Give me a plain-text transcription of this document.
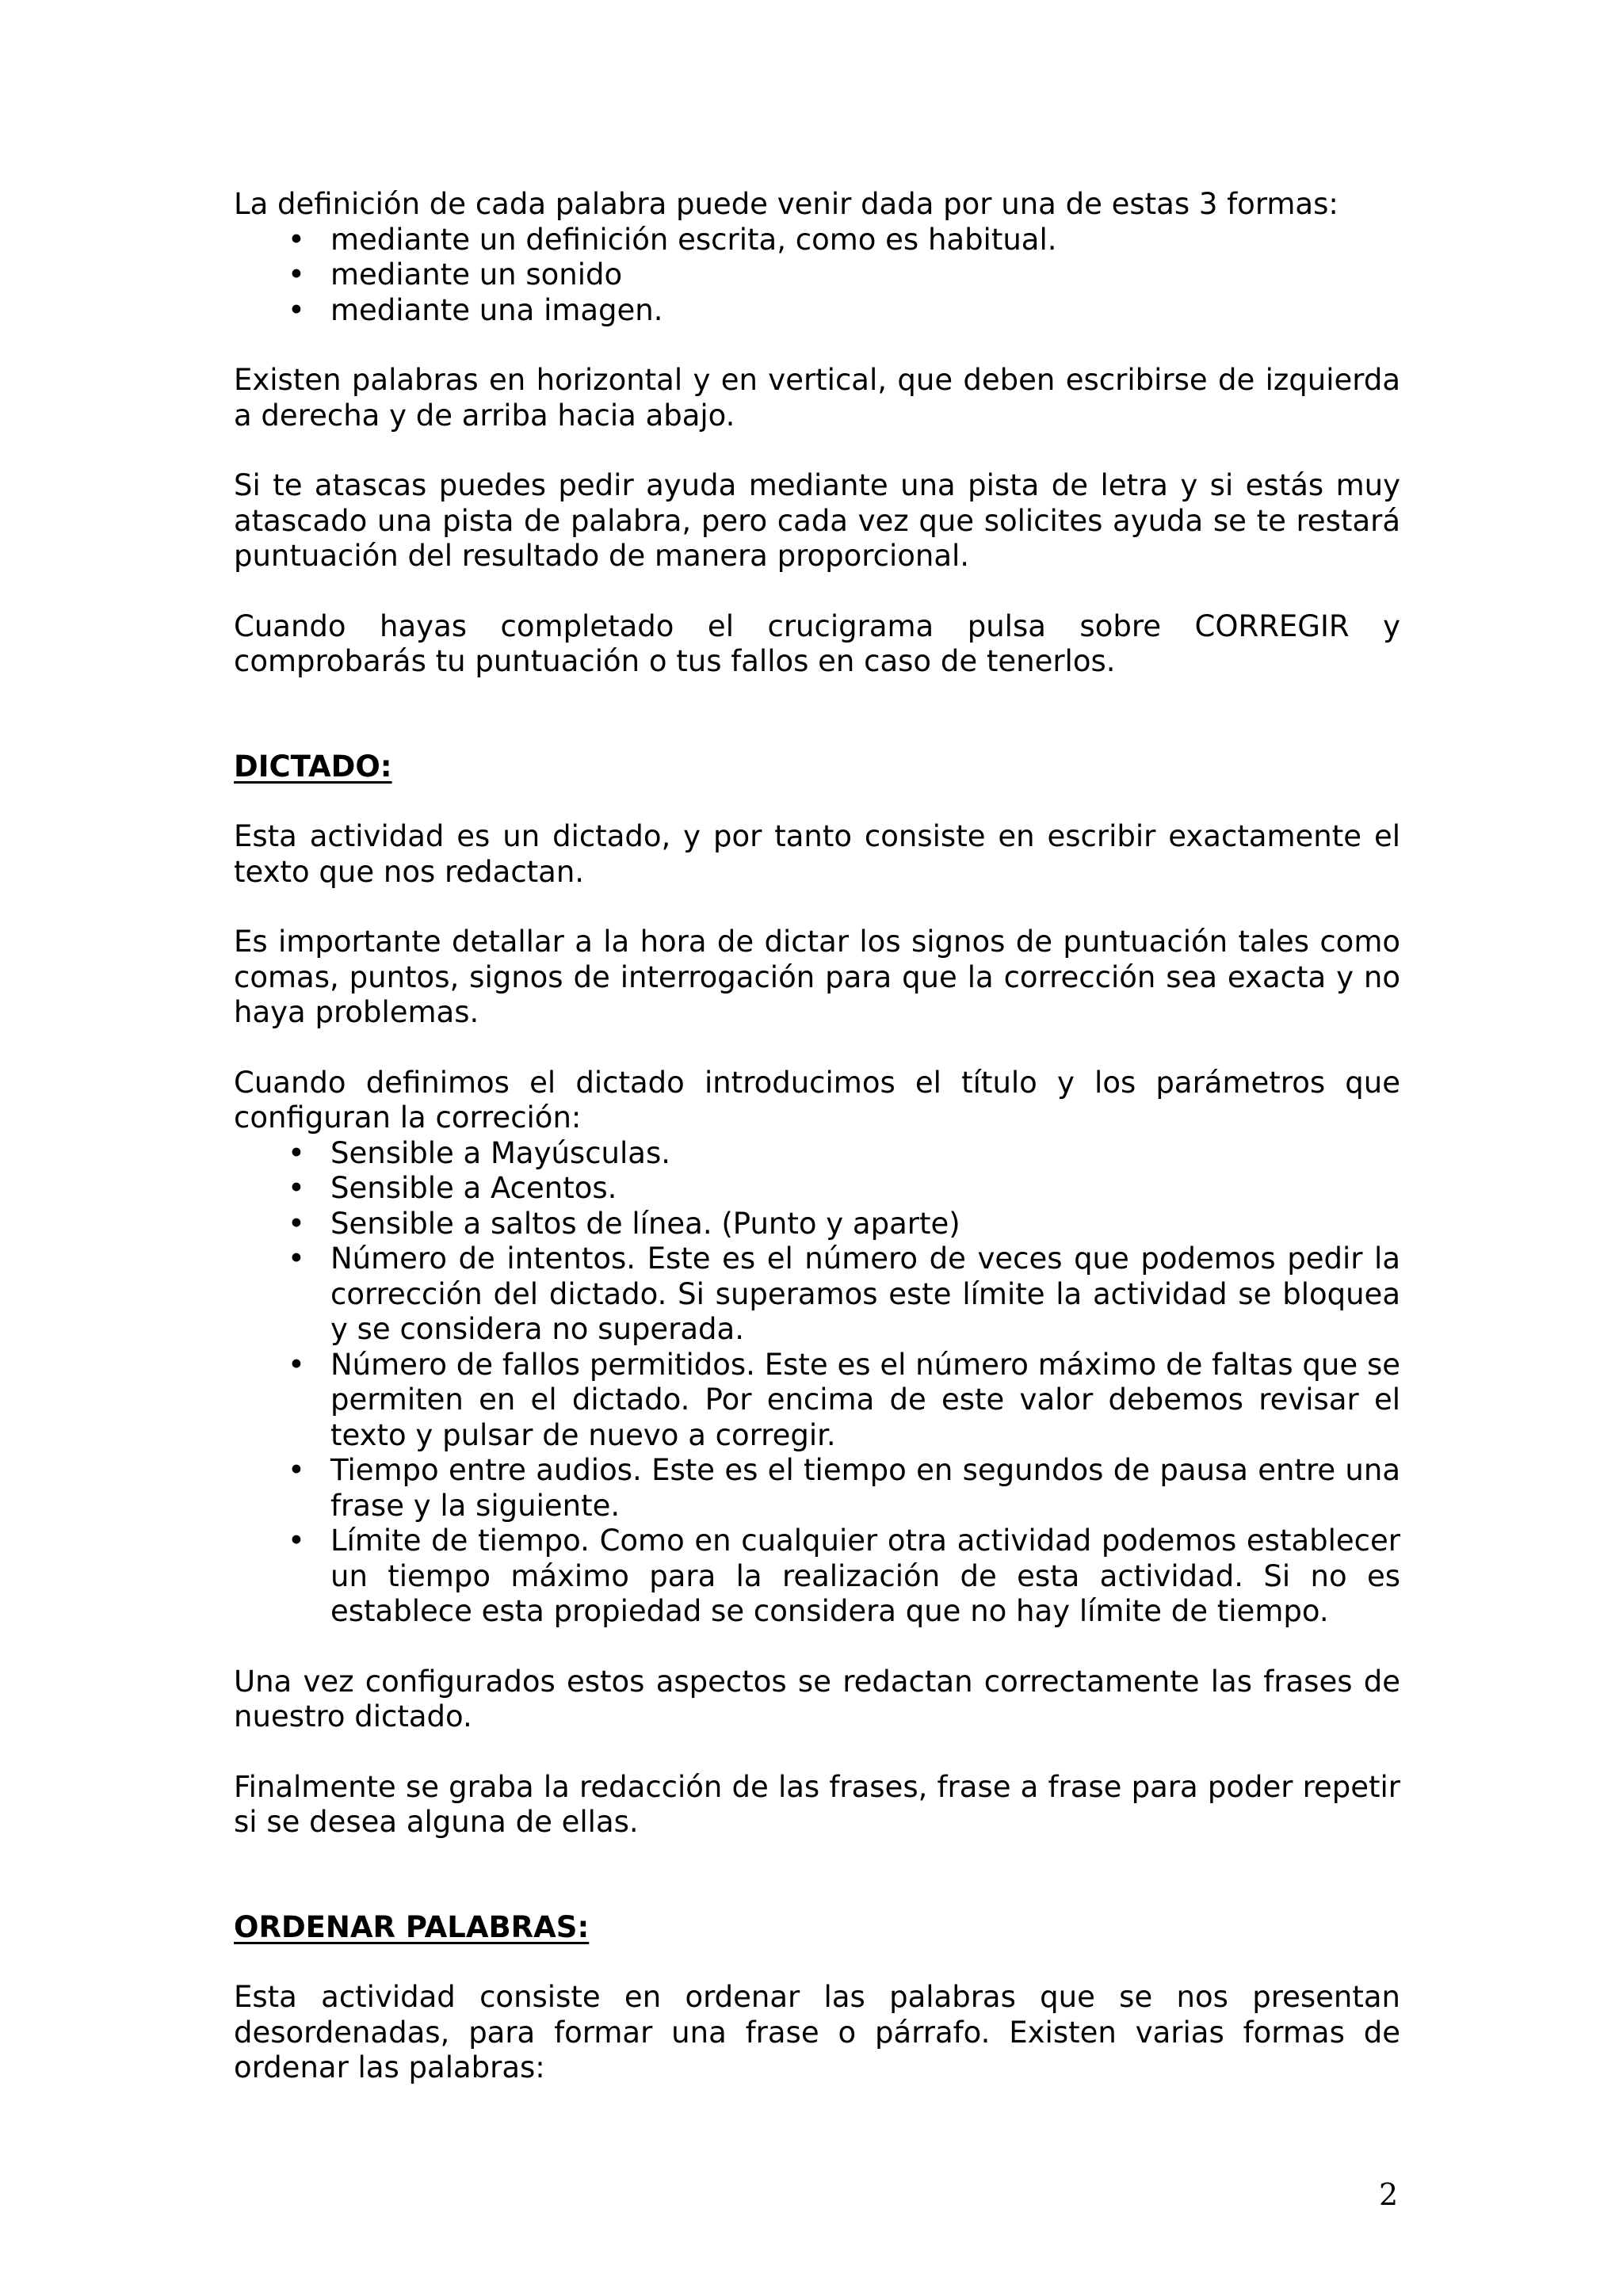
La definición de cada palabra puede venir dada por una de estas 3 formas:

• mediante un definición escrita, como es habitual.
• mediante un sonido
• mediante una imagen.

Existen palabras en horizontal y en vertical, que deben escribirse de izquierda a derecha y de arriba hacia abajo.

Si te atascas puedes pedir ayuda mediante una pista de letra y si estás muy atascado una pista de palabra, pero cada vez que solicites ayuda se te restará puntuación del resultado de manera proporcional.

Cuando hayas completado el crucigrama pulsa sobre CORREGIR y comprobarás tu puntuación o tus fallos en caso de tenerlos.

DICTADO:

Esta actividad es un dictado, y por tanto consiste en escribir exactamente el texto que nos redactan.

Es importante detallar a la hora de dictar los signos de puntuación tales como comas, puntos, signos de interrogación para que la corrección sea exacta y no haya problemas.

Cuando definimos el dictado introducimos el título y los parámetros que configuran la correción:

• Sensible a Mayúsculas.
• Sensible a Acentos.
• Sensible a saltos de línea. (Punto y aparte)
• Número de intentos. Este es el número de veces que podemos pedir la corrección del dictado. Si superamos este límite la actividad se bloquea y se considera no superada.
• Número de fallos permitidos. Este es el número máximo de faltas que se permiten en el dictado. Por encima de este valor debemos revisar el texto y pulsar de nuevo a corregir.
• Tiempo entre audios. Este es el tiempo en segundos de pausa entre una frase y la siguiente.
• Límite de tiempo. Como en cualquier otra actividad podemos establecer un tiempo máximo para la realización de esta actividad. Si no es establece esta propiedad se considera que no hay límite de tiempo.

Una vez configurados estos aspectos se redactan correctamente las frases de nuestro dictado.

Finalmente se graba la redacción de las frases, frase a frase para poder repetir si se desea alguna de ellas.

ORDENAR PALABRAS:

Esta actividad consiste en ordenar las palabras que se nos presentan desordenadas, para formar una frase o párrafo. Existen varias formas de ordenar las palabras:

2
